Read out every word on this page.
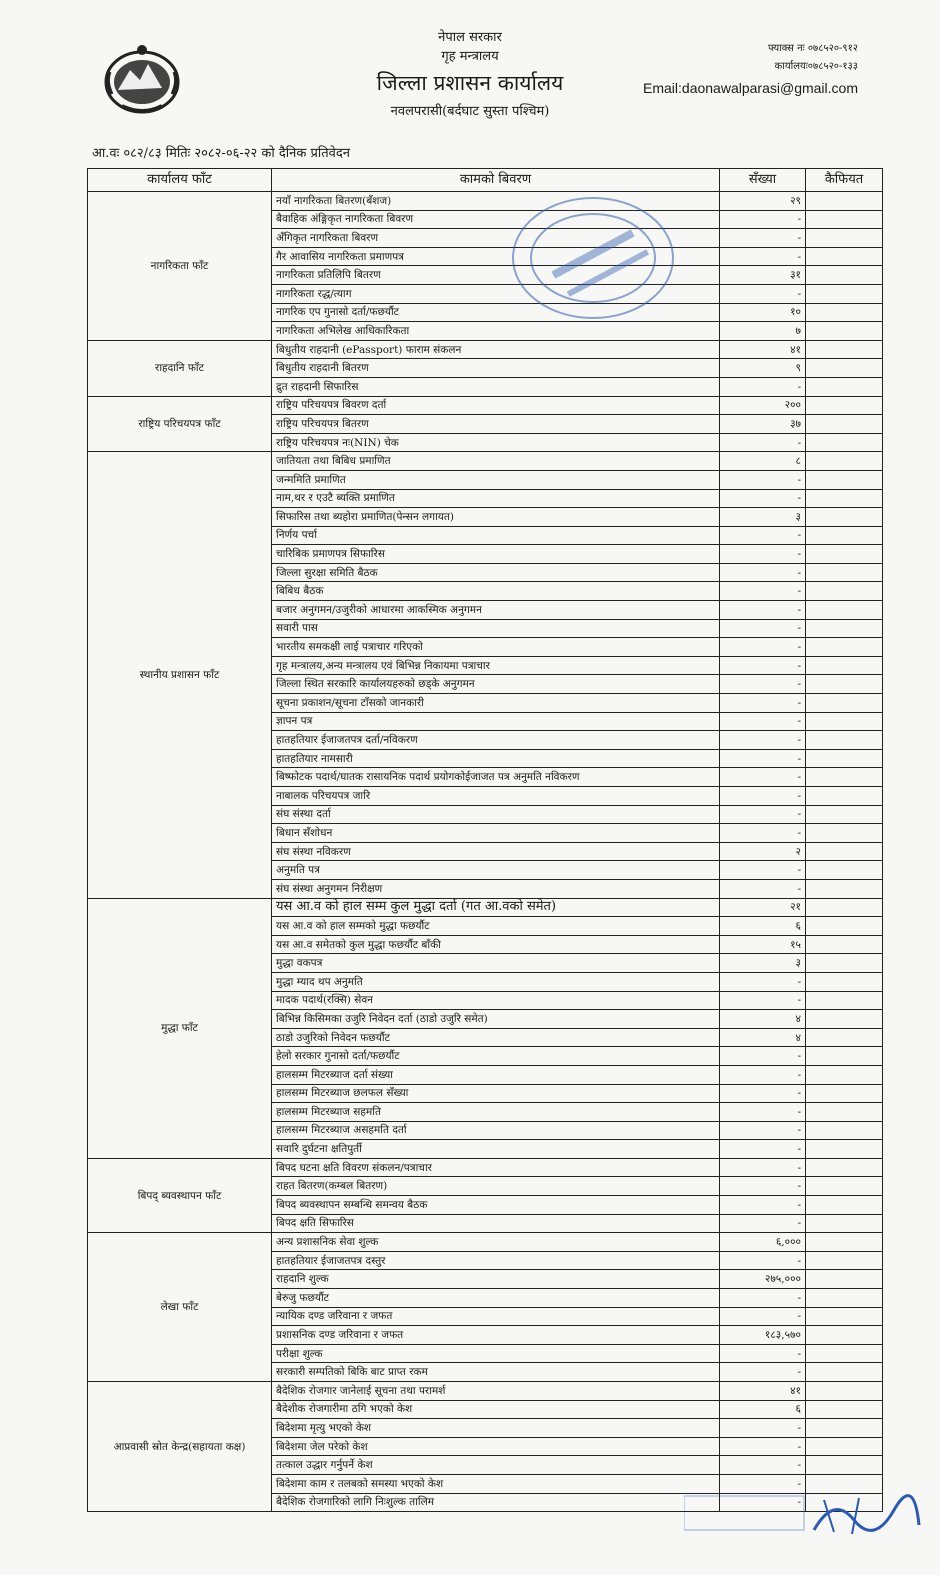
नेपाल सरकार
गृह मन्त्रालय
जिल्ला प्रशासन कार्यालय
नवलपरासी(बर्दघाट सुस्ता पश्चिम)
फ्याक्स नः ०७८५२०-९१२
कार्यालयः०७८५२०-१३३
Email:daonawalparasi@gmail.com
आ.वः ०८२/८३ मितिः २०८२-०६-२२ को दैनिक प्रतिवेदन
कार्यालय फाँट	कामको बिवरण	सँख्या	कैफियत
नागरिकता फाँट	नयाँ नागरिकता बितरण(बँशज)	२९	
	बैवाहिक अंङ्गिकृत नागरिकता बिवरण	-	
	अँगिकृत नागरिकता बिवरण	-	
	गैर आवासिय नागरिकता प्रमाणपत्र	-	
	नागरिकता प्रतिलिपि बितरण	३१	
	नागरिकता रद्ध/त्याग	-	
	नागरिक एप गुनासो दर्ता/फछर्यौट	१०	
	नागरिकता अभिलेख आधिकारिकता	७	
राहदानि फाँट	बिधुतीय राहदानी (ePassport) फाराम संकलन	४१	
	बिधुतीय राहदानी बितरण	९	
	द्रुत राहदानी सिफारिस	-	
राष्ट्रिय परिचयपत्र फाँट	राष्ट्रिय परिचयपत्र बिवरण दर्ता	२००	
	राष्ट्रिय परिचयपत्र बितरण	३७	
	राष्ट्रिय परिचयपत्र नः(NIN) चेक	-	
स्थानीय प्रशासन फाँट	जातियता तथा बिबिध प्रमाणित	८	
	जन्ममिति प्रमाणित	-	
	नाम,थर र एउटै ब्यक्ति प्रमाणित	-	
	सिफारिस तथा ब्यहोरा प्रमाणित(पेन्सन लगायत)	३	
	निर्णय पर्चा	-	
	चारिबिक प्रमाणपत्र सिफारिस	-	
	जिल्ला सुरक्षा समिति बैठक	-	
	बिबिध बैठक	-	
	बजार अनुगमन/उजुरीको आधारमा आकस्मिक अनुगमन	-	
	सवारी पास	-	
	भारतीय समकक्षी लाई पत्राचार गरिएको	-	
	गृह मन्त्रालय,अन्य मन्त्रालय एवं बिभिन्न निकायमा पत्राचार	-	
	जिल्ला स्थित सरकारि कार्यालयहरुको छड्के अनुगमन	-	
	सूचना प्रकाशन/सूचना टाँसको जानकारी	-	
	ज्ञापन पत्र	-	
	हातहतियार ईजाजतपत्र दर्ता/नविकरण	-	
	हातहतियार नामसारी	-	
	बिष्फोटक पदार्थ/घातक रासायनिक पदार्थ प्रयोगकोईजाजत पत्र अनुमति नविकरण	-	
	नाबालक परिचयपत्र जारि	-	
	संघ संस्था दर्ता	-	
	बिधान सँशोधन	-	
	संघ संस्था नविकरण	२	
	अनुमति पत्र	-	
	संघ संस्था अनुगमन निरीक्षण	-	
मुद्धा फाँट	यस आ.व को हाल सम्म कुल मुद्धा दर्ता (गत आ.वको समेत)	२१	
	यस आ.व को हाल सम्मको मुद्धा फछर्यौट	६	
	यस आ.व समेतको कुल मुद्धा फछर्यौट बाँकी	१५	
	मुद्धा वकपत्र	३	
	मुद्धा म्याद थप अनुमति	-	
	मादक पदार्थ(रक्सि) सेवन	-	
	बिभिन्न किसिमका उजुरि निवेदन दर्ता (ठाडो उजुरि समेत)	४	
	ठाडो उजुरिको निवेदन फछर्यौट	४	
	हेलो सरकार गुनासो दर्ता/फछर्यौट	-	
	हालसम्म मिटरब्याज दर्ता संख्या	-	
	हालसम्म मिटरब्याज छलफल सँख्या	-	
	हालसम्म मिटरब्याज सहमति	-	
	हालसम्म मिटरब्याज असहमति दर्ता	-	
	सवारि दुर्घटना क्षतिपुर्ती	-	
बिपद् ब्यवस्थापन फाँट	बिपद घटना क्षति विवरण संकलन/पत्राचार	-	
	राहत बितरण(कम्बल बितरण)	-	
	बिपद ब्यवस्थापन सम्बन्धि समन्वय बैठक	-	
	बिपद क्षति सिफारिस	-	
लेखा फाँट	अन्य प्रशासनिक सेवा शुल्क	६,०००	
	हातहतियार ईजाजतपत्र दस्तुर	-	
	राहदानि शुल्क	२७५,०००	
	बेरुजु फछर्यौट	-	
	न्यायिक दण्ड जरिवाना र जफत	-	
	प्रशासनिक दण्ड जरिवाना र जफत	१८३,५७०	
	परीक्षा शुल्क	-	
	सरकारी सम्पतिको बिकि बाट प्राप्त रकम	-	
आप्रवासी स्रोत केन्द्र(सहायता कक्ष)	बैदेशिक रोजगार जानेलाई सूचना तथा परामर्श	४१	
	बैदेशीक रोजगारीमा ठगि भएको केश	६	
	बिदेशमा मृत्यु भएको केश	-	
	बिदेशमा जेल परेको केश	-	
	तत्काल उद्धार गर्नुपर्ने केश	-	
	बिदेशमा काम र तलबको समस्या भएको केश	-	
	बैदेशिक रोजगारिको लागि निःशुल्क तालिम	-	
